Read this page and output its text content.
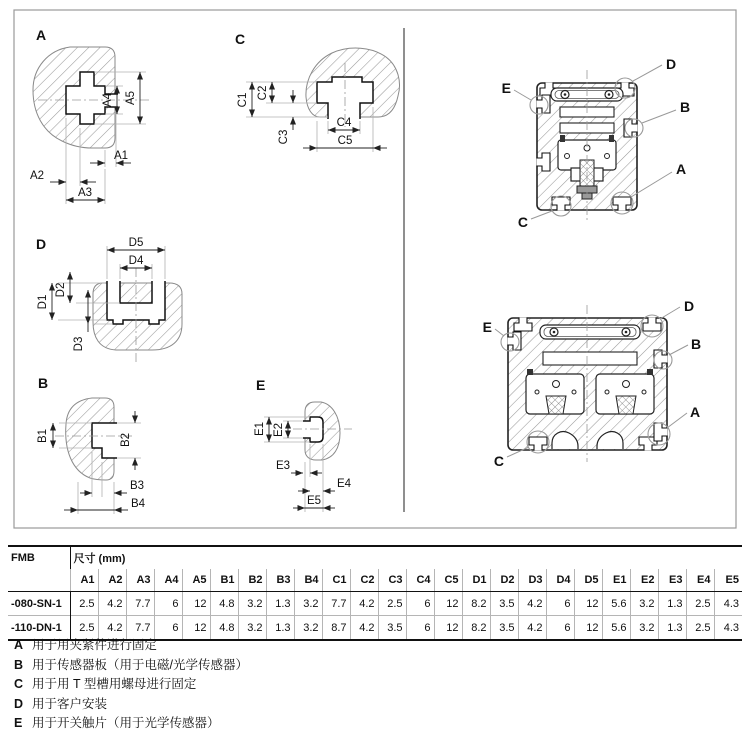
A
A4 A5
A1
A2
A3
C
C1 C2
C3
C4
C5
D	D5
D4
D1
D2
D3
B
B1	B2
B3
B4
E
E1 E2
E3
E4
E5
D
E
B
A
C
D
E
B
A
C
FMB	尺寸 (mm)																							
	A1	A2	A3	A4	A5	B1	B2	B3	B4	C1	C2	C3	C4	C5	D1	D2	D3	D4	D5	E1	E2	E3	E4	E5
-080-SN-1	2.5	4.2	7.7	6	12	4.8	3.2	1.3	3.2	7.7	4.2	2.5	6	12	8.2	3.5	4.2	6	12	5.6	3.2	1.3	2.5	4.3
-110-DN-1	2.5	4.2	7.7	6	12	4.8	3.2	1.3	3.2	8.7	4.2	3.5	6	12	8.2	3.5	4.2	6	12	5.6	3.2	1.3	2.5	4.3
A 用于用夹紧件进行固定
B 用于传感器板（用于电磁/光学传感器）
C 用于用 T 型槽用螺母进行固定
D 用于客户安装
E 用于开关触片（用于光学传感器）
